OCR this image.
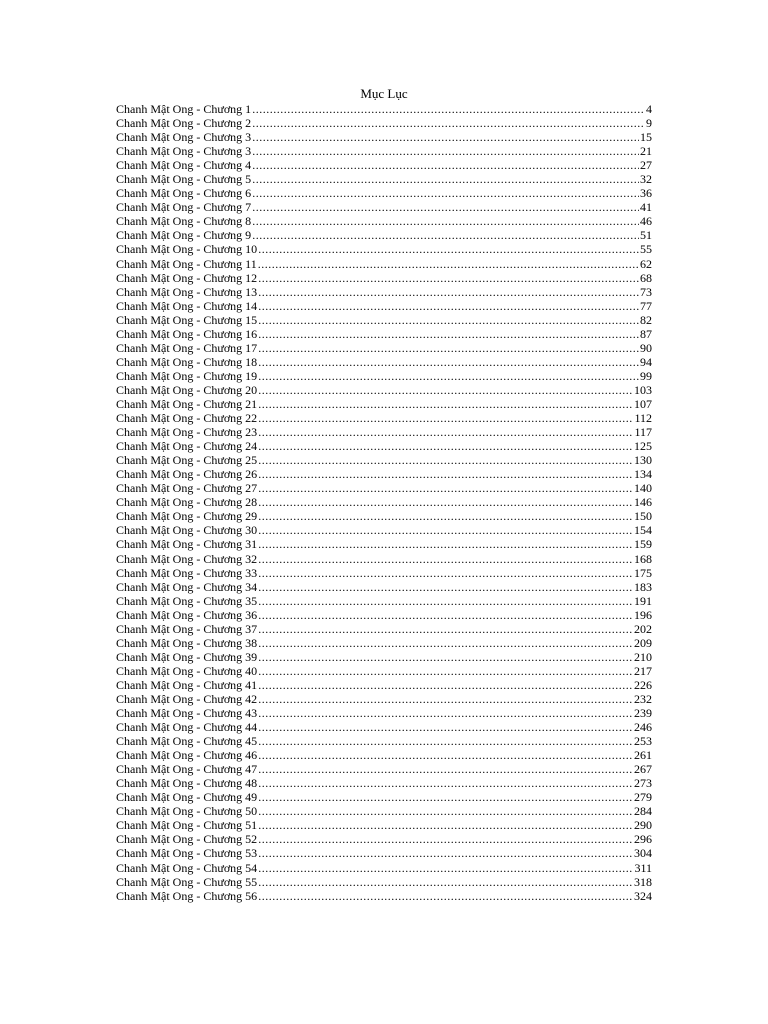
Mục Lục
Chanh Mật Ong - Chương 1 .....	4
Chanh Mật Ong - Chương 2 .....	9
Chanh Mật Ong - Chương 3 .....	15
Chanh Mật Ong - Chương 3 .....	21
Chanh Mật Ong - Chương 4 .....	27
Chanh Mật Ong - Chương 5 .....	32
Chanh Mật Ong - Chương 6 .....	36
Chanh Mật Ong - Chương 7 .....	41
Chanh Mật Ong - Chương 8 .....	46
Chanh Mật Ong - Chương 9 .....	51
Chanh Mật Ong - Chương 10 .....	55
Chanh Mật Ong - Chương 11 .....	62
Chanh Mật Ong - Chương 12 .....	68
Chanh Mật Ong - Chương 13 .....	73
Chanh Mật Ong - Chương 14 .....	77
Chanh Mật Ong - Chương 15 .....	82
Chanh Mật Ong - Chương 16 .....	87
Chanh Mật Ong - Chương 17 .....	90
Chanh Mật Ong - Chương 18 .....	94
Chanh Mật Ong - Chương 19 .....	99
Chanh Mật Ong - Chương 20 .....	103
Chanh Mật Ong - Chương 21 .....	107
Chanh Mật Ong - Chương 22 .....	112
Chanh Mật Ong - Chương 23 .....	117
Chanh Mật Ong - Chương 24 .....	125
Chanh Mật Ong - Chương 25 .....	130
Chanh Mật Ong - Chương 26 .....	134
Chanh Mật Ong - Chương 27 .....	140
Chanh Mật Ong - Chương 28 .....	146
Chanh Mật Ong - Chương 29 .....	150
Chanh Mật Ong - Chương 30 .....	154
Chanh Mật Ong - Chương 31 .....	159
Chanh Mật Ong - Chương 32 .....	168
Chanh Mật Ong - Chương 33 .....	175
Chanh Mật Ong - Chương 34 .....	183
Chanh Mật Ong - Chương 35 .....	191
Chanh Mật Ong - Chương 36 .....	196
Chanh Mật Ong - Chương 37 .....	202
Chanh Mật Ong - Chương 38 .....	209
Chanh Mật Ong - Chương 39 .....	210
Chanh Mật Ong - Chương 40 .....	217
Chanh Mật Ong - Chương 41 .....	226
Chanh Mật Ong - Chương 42 .....	232
Chanh Mật Ong - Chương 43 .....	239
Chanh Mật Ong - Chương 44 .....	246
Chanh Mật Ong - Chương 45 .....	253
Chanh Mật Ong - Chương 46 .....	261
Chanh Mật Ong - Chương 47 .....	267
Chanh Mật Ong - Chương 48 .....	273
Chanh Mật Ong - Chương 49 .....	279
Chanh Mật Ong - Chương 50 .....	284
Chanh Mật Ong - Chương 51 .....	290
Chanh Mật Ong - Chương 52 .....	296
Chanh Mật Ong - Chương 53 .....	304
Chanh Mật Ong - Chương 54 .....	311
Chanh Mật Ong - Chương 55 .....	318
Chanh Mật Ong - Chương 56 .....	324
